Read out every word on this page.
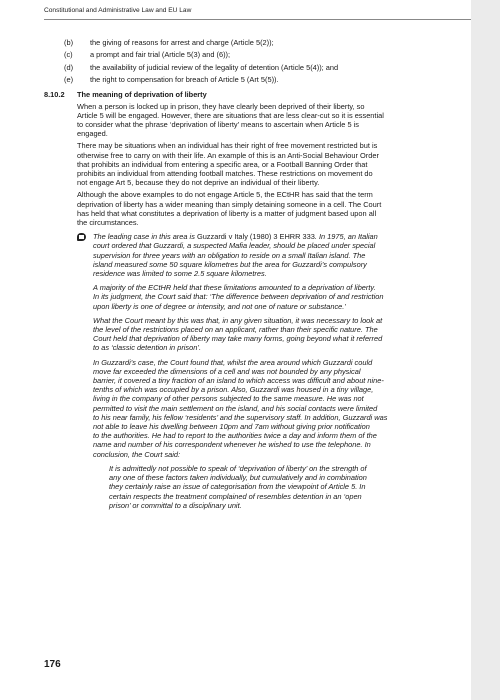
Constitutional and Administrative Law and EU Law
(b) the giving of reasons for arrest and charge (Article 5(2));
(c) a prompt and fair trial (Article 5(3) and (6));
(d) the availability of judicial review of the legality of detention (Article 5(4)); and
(e) the right to compensation for breach of Article 5 (Art 5(5)).
8.10.2	The meaning of deprivation of liberty

When a person is locked up in prison, they have clearly been deprived of their liberty, so
Article 5 will be engaged. However, there are situations that are less clear-cut so it is essential
to consider what the phrase ‘deprivation of liberty’ means to ascertain when Article 5 is
engaged.

There may be situations when an individual has their right of free movement restricted but is
otherwise free to carry on with their life. An example of this is an Anti-Social Behaviour Order
that prohibits an individual from entering a specific area, or a Football Banning Order that
prohibits an individual from attending football matches. These restrictions on movement do
not engage Art 5, because they do not deprive an individual of their liberty.

Although the above examples to do not engage Article 5, the ECtHR has said that the term
deprivation of liberty has a wider meaning than simply detaining someone in a cell. The Court
has held that what constitutes a deprivation of liberty is a matter of judgment based upon all
the circumstances.

The leading case in this area is Guzzardi v Italy (1980) 3 EHRR 333. In 1975, an Italian
court ordered that Guzzardi, a suspected Mafia leader, should be placed under special
supervision for three years with an obligation to reside on a small Italian island. The
island measured some 50 square kilometres but the area for Guzzardi’s compulsory
residence was limited to some 2.5 square kilometres.

A majority of the ECtHR held that these limitations amounted to a deprivation of liberty.
In its judgment, the Court said that: ‘The difference between deprivation of and restriction
upon liberty is one of degree or intensity, and not one of nature or substance.’

What the Court meant by this was that, in any given situation, it was necessary to look at
the level of the restrictions placed on an applicant, rather than their specific nature. The
Court held that deprivation of liberty may take many forms, going beyond what it referred
to as ‘classic detention in prison’.

In Guzzardi’s case, the Court found that, whilst the area around which Guzzardi could
move far exceeded the dimensions of a cell and was not bounded by any physical
barrier, it covered a tiny fraction of an island to which access was difficult and about nine-
tenths of which was occupied by a prison. Also, Guzzardi was housed in a tiny village,
living in the company of other persons subjected to the same measure. He was not
permitted to visit the main settlement on the island, and his social contacts were limited
to his near family, his fellow ‘residents’ and the supervisory staff. In addition, Guzzardi was
not able to leave his dwelling between 10pm and 7am without giving prior notification
to the authorities. He had to report to the authorities twice a day and inform them of the
name and number of his correspondent whenever he wished to use the telephone. In
conclusion, the Court said:

It is admittedly not possible to speak of ‘deprivation of liberty’ on the strength of
any one of these factors taken individually, but cumulatively and in combination
they certainly raise an issue of categorisation from the viewpoint of Article 5. In
certain respects the treatment complained of resembles detention in an ‘open
prison’ or committal to a disciplinary unit.

176
